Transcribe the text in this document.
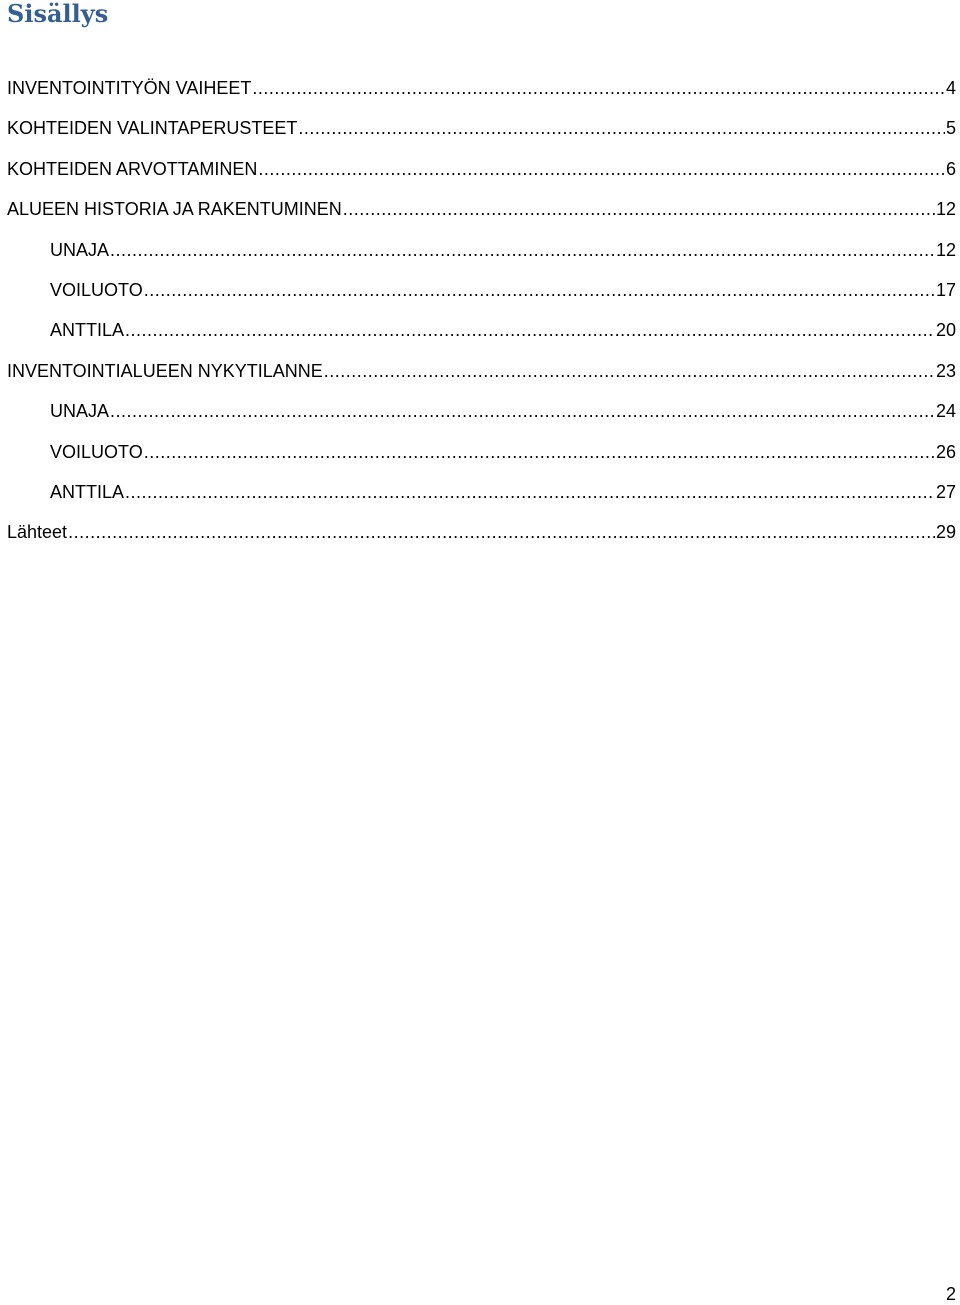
Sisällys
INVENTOINTITYÖN VAIHEET .....	4
KOHTEIDEN VALINTAPERUSTEET .....	5
KOHTEIDEN ARVOTTAMINEN .....	6
ALUEEN HISTORIA JA RAKENTUMINEN .....	12
UNAJA .....	12
VOILUOTO .....	17
ANTTILA .....	20
INVENTOINTIALUEEN NYKYTILANNE .....	23
UNAJA .....	24
VOILUOTO .....	26
ANTTILA .....	27
Lähteet .....	29
2
